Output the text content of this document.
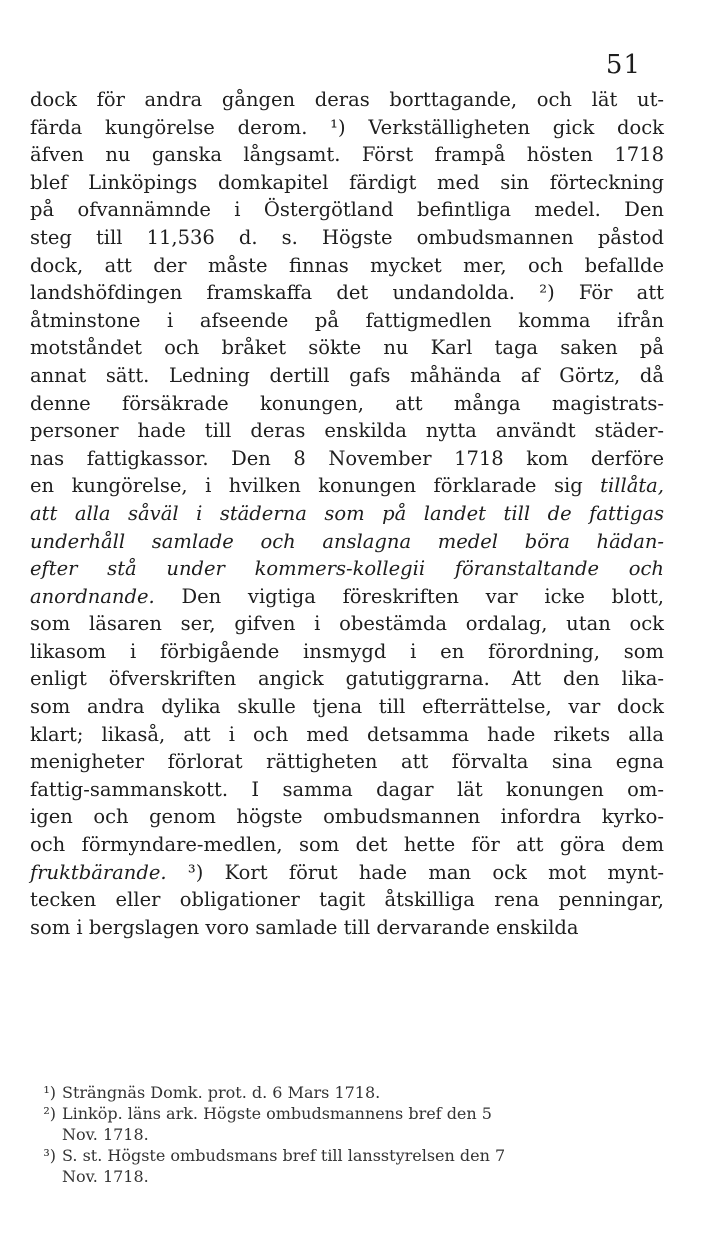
51
dock för andra gången deras borttagande, och lät ut-
färda kungörelse derom. ¹) Verkställigheten gick dock
äfven nu ganska långsamt. Först frampå hösten 1718
blef Linköpings domkapitel färdigt med sin förteckning
på ofvannämnde i Östergötland befintliga medel. Den
steg till 11,536 d. s. Högste ombudsmannen påstod
dock, att der måste finnas mycket mer, och befallde
landshöfdingen framskaffa det undandolda. ²) För att
åtminstone i afseende på fattigmedlen komma ifrån
motståndet och bråket sökte nu Karl taga saken på
annat sätt. Ledning dertill gafs måhända af Görtz, då
denne försäkrade konungen, att många magistrats-
personer hade till deras enskilda nytta användt städer-
nas fattigkassor. Den 8 November 1718 kom derföre
en kungörelse, i hvilken konungen förklarade sig tillåta,
att alla såväl i städerna som på landet till de fattigas
underhåll samlade och anslagna medel böra hädan-
efter stå under kommers-kollegii föranstaltande och
anordnande. Den vigtiga föreskriften var icke blott,
som läsaren ser, gifven i obestämda ordalag, utan ock
likasom i förbigående insmygd i en förordning, som
enligt öfverskriften angick gatutiggrarna. Att den lika-
som andra dylika skulle tjena till efterrättelse, var dock
klart; likaså, att i och med detsamma hade rikets alla
menigheter förlorat rättigheten att förvalta sina egna
fattig-sammanskott. I samma dagar lät konungen om-
igen och genom högste ombudsmannen infordra kyrko-
och förmyndare-medlen, som det hette för att göra dem
fruktbärande. ³) Kort förut hade man ock mot mynt-
tecken eller obligationer tagit åtskilliga rena penningar,
som i bergslagen voro samlade till dervarande enskilda
¹) Strängnäs Domk. prot. d. 6 Mars 1718.
²) Linköp. läns ark. Högste ombudsmannens bref den 5
Nov. 1718.
³) S. st. Högste ombudsmans bref till lansstyrelsen den 7
Nov. 1718.
